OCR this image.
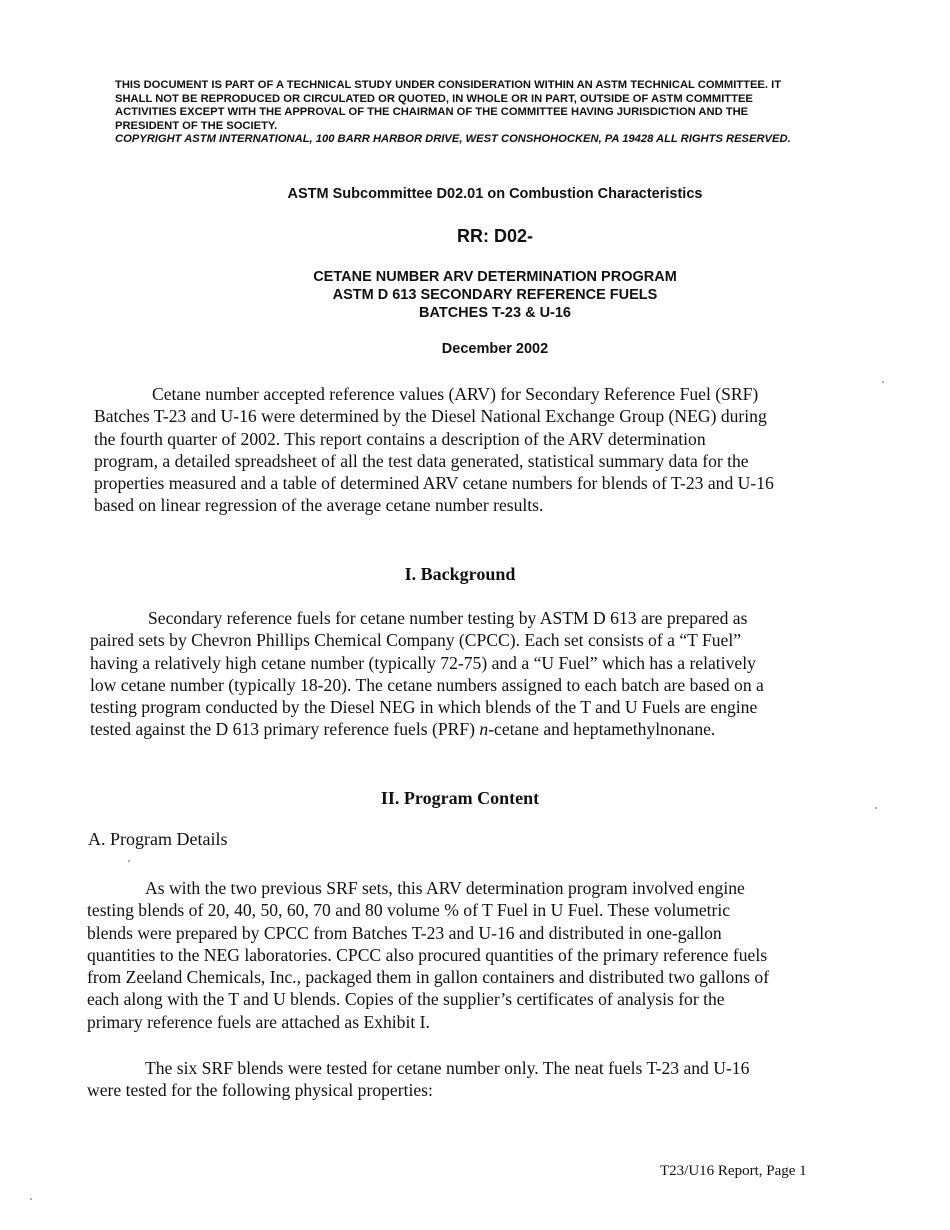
THIS DOCUMENT IS PART OF A TECHNICAL STUDY UNDER CONSIDERATION WITHIN AN ASTM TECHNICAL COMMITTEE. IT

SHALL NOT BE REPRODUCED OR CIRCULATED OR QUOTED, IN WHOLE OR IN PART, OUTSIDE OF ASTM COMMITTEE

ACTIVITIES EXCEPT WITH THE APPROVAL OF THE CHAIRMAN OF THE COMMITTEE HAVING JURISDICTION AND THE

PRESIDENT OF THE SOCIETY.

COPYRIGHT ASTM INTERNATIONAL, 100 BARR HARBOR DRIVE, WEST CONSHOHOCKEN, PA 19428 ALL RIGHTS RESERVED.

ASTM Subcommittee D02.01 on Combustion Characteristics
RR: D02-
CETANE NUMBER ARV DETERMINATION PROGRAM
ASTM D 613 SECONDARY REFERENCE FUELS
BATCHES T-23 & U-16
December 2002
Cetane number accepted reference values (ARV) for Secondary Reference Fuel (SRF)
Batches T-23 and U-16 were determined by the Diesel National Exchange Group (NEG) during
the fourth quarter of 2002. This report contains a description of the ARV determination
program, a detailed spreadsheet of all the test data generated, statistical summary data for the
properties measured and a table of determined ARV cetane numbers for blends of T-23 and U-16
based on linear regression of the average cetane number results.
I. Background
Secondary reference fuels for cetane number testing by ASTM D 613 are prepared as
paired sets by Chevron Phillips Chemical Company (CPCC). Each set consists of a “T Fuel”
having a relatively high cetane number (typically 72-75) and a “U Fuel” which has a relatively
low cetane number (typically 18-20). The cetane numbers assigned to each batch are based on a
testing program conducted by the Diesel NEG in which blends of the T and U Fuels are engine
tested against the D 613 primary reference fuels (PRF) n-cetane and heptamethylnonane.
II. Program Content
A. Program Details
As with the two previous SRF sets, this ARV determination program involved engine
testing blends of 20, 40, 50, 60, 70 and 80 volume % of T Fuel in U Fuel. These volumetric
blends were prepared by CPCC from Batches T-23 and U-16 and distributed in one-gallon
quantities to the NEG laboratories. CPCC also procured quantities of the primary reference fuels
from Zeeland Chemicals, Inc., packaged them in gallon containers and distributed two gallons of
each along with the T and U blends. Copies of the supplier’s certificates of analysis for the
primary reference fuels are attached as Exhibit I.
The six SRF blends were tested for cetane number only. The neat fuels T-23 and U-16
were tested for the following physical properties:
T23/U16 Report, Page 1
